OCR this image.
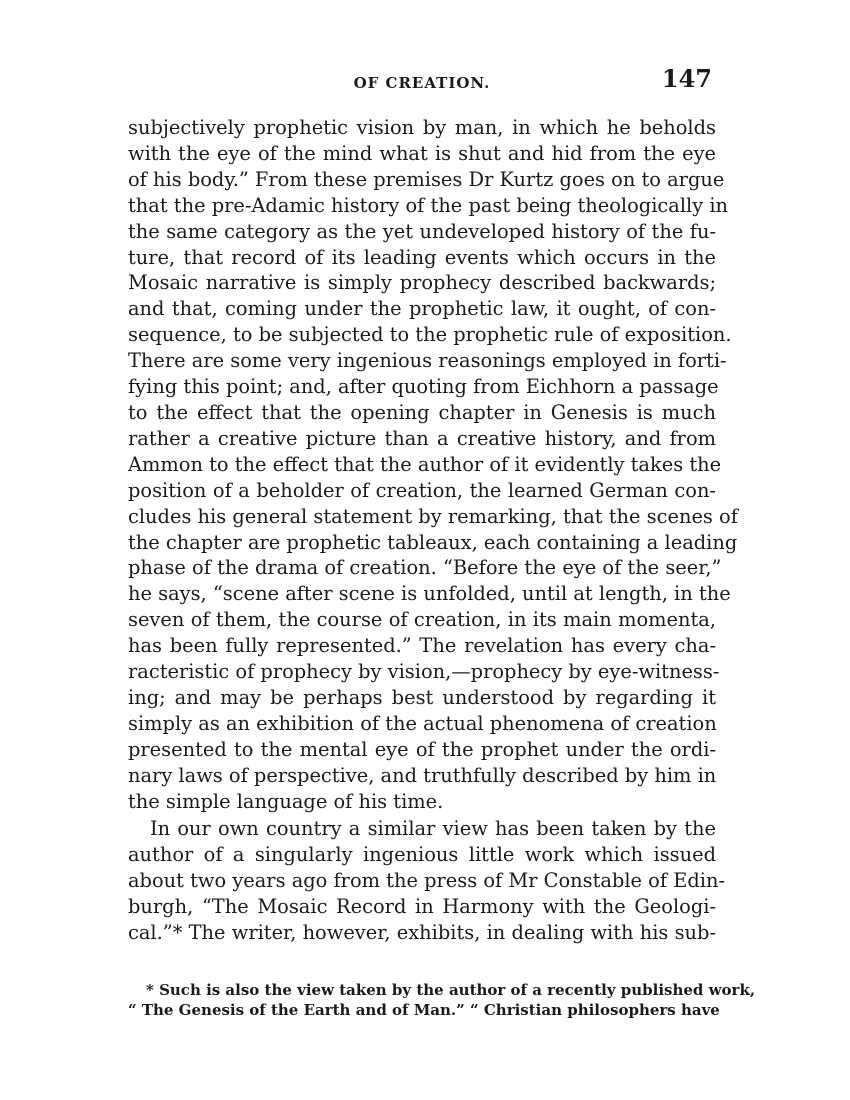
OF CREATION.	147
subjectively prophetic vision by man, in which he beholds
with the eye of the mind what is shut and hid from the eye
of his body.” From these premises Dr Kurtz goes on to argue
that the pre-Adamic history of the past being theologically in
the same category as the yet undeveloped history of the fu-
ture, that record of its leading events which occurs in the
Mosaic narrative is simply prophecy described backwards;
and that, coming under the prophetic law, it ought, of con-
sequence, to be subjected to the prophetic rule of exposition.
There are some very ingenious reasonings employed in forti-
fying this point; and, after quoting from Eichhorn a passage
to the effect that the opening chapter in Genesis is much
rather a creative picture than a creative history, and from
Ammon to the effect that the author of it evidently takes the
position of a beholder of creation, the learned German con-
cludes his general statement by remarking, that the scenes of
the chapter are prophetic tableaux, each containing a leading
phase of the drama of creation. “Before the eye of the seer,”
he says, “scene after scene is unfolded, until at length, in the
seven of them, the course of creation, in its main momenta,
has been fully represented.” The revelation has every cha-
racteristic of prophecy by vision,—prophecy by eye-witness-
ing; and may be perhaps best understood by regarding it
simply as an exhibition of the actual phenomena of creation
presented to the mental eye of the prophet under the ordi-
nary laws of perspective, and truthfully described by him in
the simple language of his time.
In our own country a similar view has been taken by the
author of a singularly ingenious little work which issued
about two years ago from the press of Mr Constable of Edin-
burgh, “The Mosaic Record in Harmony with the Geologi-
cal.”* The writer, however, exhibits, in dealing with his sub-
* Such is also the view taken by the author of a recently published work,
“ The Genesis of the Earth and of Man.” “ Christian philosophers have
